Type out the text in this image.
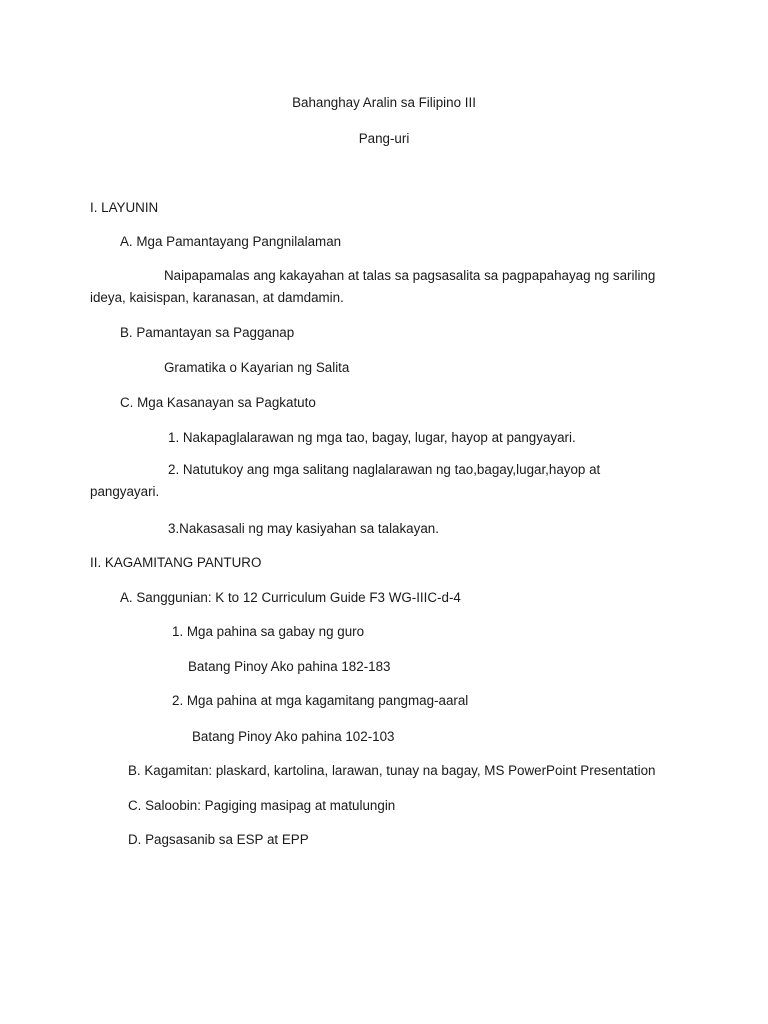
Bahanghay Aralin sa Filipino III
Pang-uri
I. LAYUNIN
A. Mga Pamantayang Pangnilalaman
Naipapamalas ang kakayahan at talas sa pagsasalita sa pagpapahayag ng sariling ideya, kaisispan, karanasan, at damdamin.
B. Pamantayan sa Pagganap
Gramatika o Kayarian ng Salita
C. Mga Kasanayan sa Pagkatuto
1. Nakapaglalarawan ng mga tao, bagay, lugar, hayop at pangyayari.
2. Natutukoy ang mga salitang naglalarawan ng tao,bagay,lugar,hayop at pangyayari.
3.Nakasasali ng may kasiyahan sa talakayan.
II. KAGAMITANG PANTURO
A. Sanggunian: K to 12 Curriculum Guide F3 WG-IIIC-d-4
1. Mga pahina sa gabay ng guro
Batang Pinoy Ako pahina 182-183
2. Mga pahina at mga kagamitang pangmag-aaral
Batang Pinoy Ako pahina 102-103
B. Kagamitan: plaskard, kartolina, larawan, tunay na bagay, MS PowerPoint Presentation
C. Saloobin: Pagiging masipag at matulungin
D. Pagsasanib sa ESP at EPP
